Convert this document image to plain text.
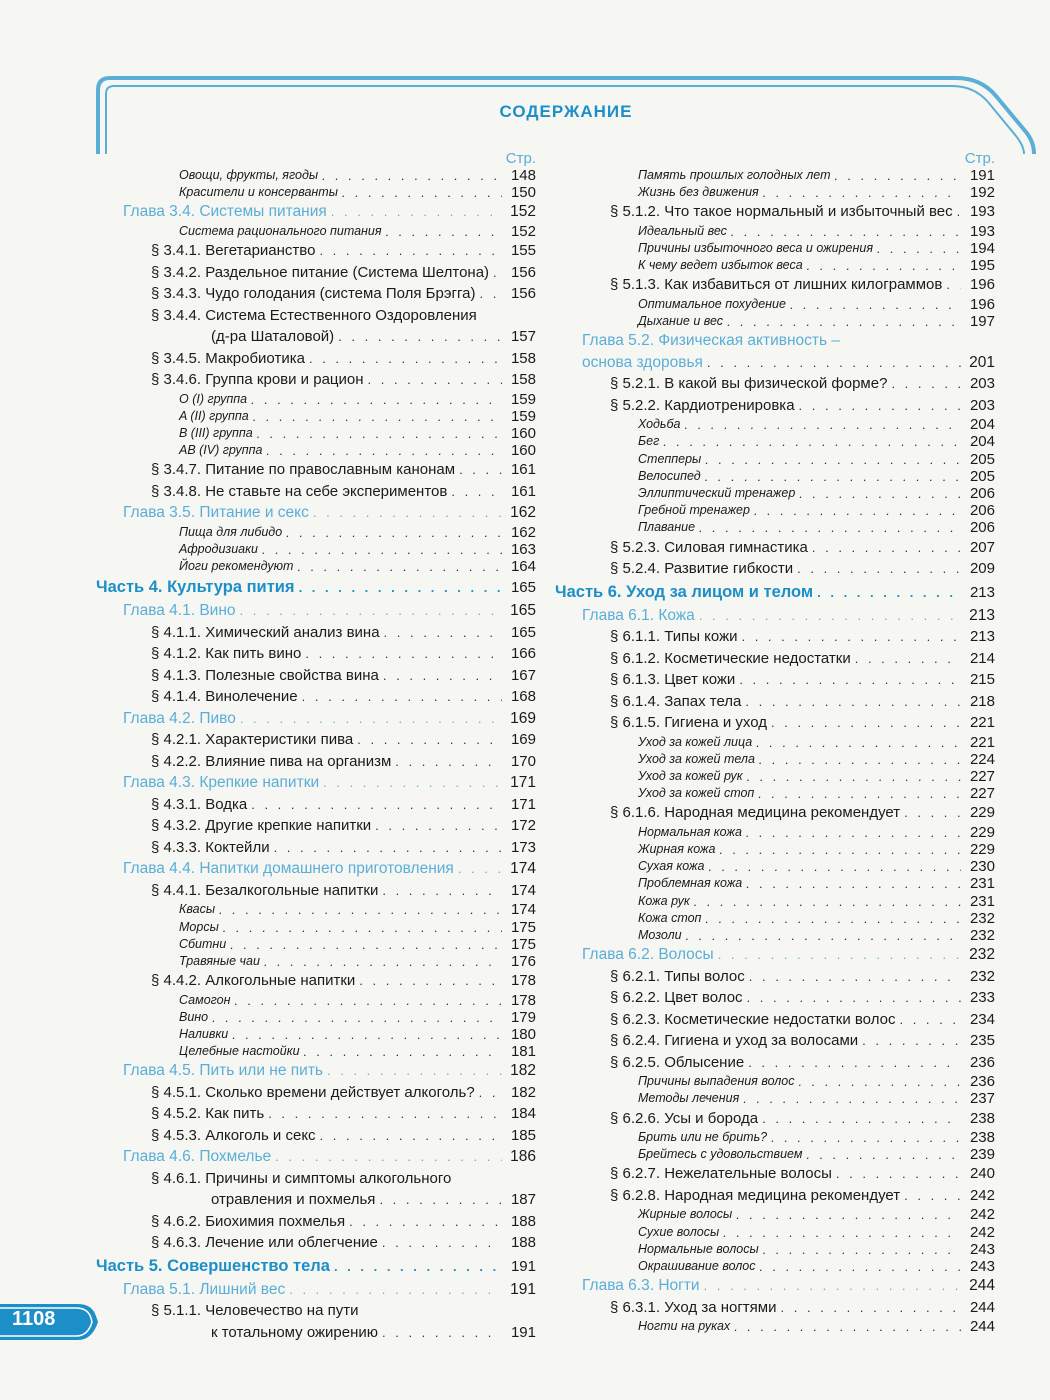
СОДЕРЖАНИЕ
Стр.
Овощи, фрукты, ягоды . . .	148
Красители и консерванты . . .	150
Глава 3.4. Системы питания . . .	152
Система рационального питания . . .	152
§ 3.4.1. Вегетарианство . . .	155
§ 3.4.2. Раздельное питание (Система Шелтона) . . .	156
§ 3.4.3. Чудо голодания (система Поля Брэгга) . . .	156
§ 3.4.4. Система Естественного Оздоровления
(д-ра Шаталовой) . . .	157
§ 3.4.5. Макробиотика . . .	158
§ 3.4.6. Группа крови и рацион . . .	158
O (I) группа . . .	159
A (II) группа . . .	159
B (III) группа . . .	160
AB (IV) группа . . .	160
§ 3.4.7. Питание по православным канонам . . .	161
§ 3.4.8. Не ставьте на себе экспериментов . . .	161
Глава 3.5. Питание и секс . . .	162
Пища для либидо . . .	162
Афродизиаки . . .	163
Йоги рекомендуют . . .	164
Часть 4. Культура пития . . .	165
Глава 4.1. Вино . . .	165
§ 4.1.1. Химический анализ вина . . .	165
§ 4.1.2. Как пить вино . . .	166
§ 4.1.3. Полезные свойства вина . . .	167
§ 4.1.4. Винолечение . . .	168
Глава 4.2. Пиво . . .	169
§ 4.2.1. Характеристики пива . . .	169
§ 4.2.2. Влияние пива на организм . . .	170
Глава 4.3. Крепкие напитки . . .	171
§ 4.3.1. Водка . . .	171
§ 4.3.2. Другие крепкие напитки . . .	172
§ 4.3.3. Коктейли . . .	173
Глава 4.4. Напитки домашнего приготовления . . .	174
§ 4.4.1. Безалкогольные напитки . . .	174
Квасы . . .	174
Морсы . . .	175
Сбитни . . .	175
Травяные чаи . . .	176
§ 4.4.2. Алкогольные напитки . . .	178
Самогон . . .	178
Вино . . .	179
Наливки . . .	180
Целебные настойки . . .	181
Глава 4.5. Пить или не пить . . .	182
§ 4.5.1. Сколько времени действует алкоголь? . . .	182
§ 4.5.2. Как пить . . .	184
§ 4.5.3. Алкоголь и секс . . .	185
Глава 4.6. Похмелье . . .	186
§ 4.6.1. Причины и симптомы алкогольного
отравления и похмелья . . .	187
§ 4.6.2. Биохимия похмелья . . .	188
§ 4.6.3. Лечение или облегчение . . .	188
Часть 5. Совершенство тела . . .	191
Глава 5.1. Лишний вес . . .	191
§ 5.1.1. Человечество на пути
к тотальному ожирению . . .	191
Стр.
Память прошлых голодных лет . . .	191
Жизнь без движения . . .	192
§ 5.1.2. Что такое нормальный и избыточный вес . . .	193
Идеальный вес . . .	193
Причины избыточного веса и ожирения . . .	194
К чему ведет избыток веса . . .	195
§ 5.1.3. Как избавиться от лишних килограммов . . .	196
Оптимальное похудение . . .	196
Дыхание и вес . . .	197
Глава 5.2. Физическая активность –
основа здоровья . . .	201
§ 5.2.1. В какой вы физической форме? . . .	203
§ 5.2.2. Кардиотренировка . . .	203
Ходьба . . .	204
Бег . . .	204
Степперы . . .	205
Велосипед . . .	205
Эллиптический тренажер . . .	206
Гребной тренажер . . .	206
Плавание . . .	206
§ 5.2.3. Силовая гимнастика . . .	207
§ 5.2.4. Развитие гибкости . . .	209
Часть 6. Уход за лицом и телом . . .	213
Глава 6.1. Кожа . . .	213
§ 6.1.1. Типы кожи . . .	213
§ 6.1.2. Косметические недостатки . . .	214
§ 6.1.3. Цвет кожи . . .	215
§ 6.1.4. Запах тела . . .	218
§ 6.1.5. Гигиена и уход . . .	221
Уход за кожей лица . . .	221
Уход за кожей тела . . .	224
Уход за кожей рук . . .	227
Уход за кожей стоп . . .	227
§ 6.1.6. Народная медицина рекомендует . . .	229
Нормальная кожа . . .	229
Жирная кожа . . .	229
Сухая кожа . . .	230
Проблемная кожа . . .	231
Кожа рук . . .	231
Кожа стоп . . .	232
Мозоли . . .	232
Глава 6.2. Волосы . . .	232
§ 6.2.1. Типы волос . . .	232
§ 6.2.2. Цвет волос . . .	233
§ 6.2.3. Косметические недостатки волос . . .	234
§ 6.2.4. Гигиена и уход за волосами . . .	235
§ 6.2.5. Облысение . . .	236
Причины выпадения волос . . .	236
Методы лечения . . .	237
§ 6.2.6. Усы и борода . . .	238
Брить или не брить? . . .	238
Брейтесь с удовольствием . . .	239
§ 6.2.7. Нежелательные волосы . . .	240
§ 6.2.8. Народная медицина рекомендует . . .	242
Жирные волосы . . .	242
Сухие волосы . . .	242
Нормальные волосы . . .	243
Окрашивание волос . . .	243
Глава 6.3. Ногти . . .	244
§ 6.3.1. Уход за ногтями . . .	244
Ногти на руках . . .	244
1108
